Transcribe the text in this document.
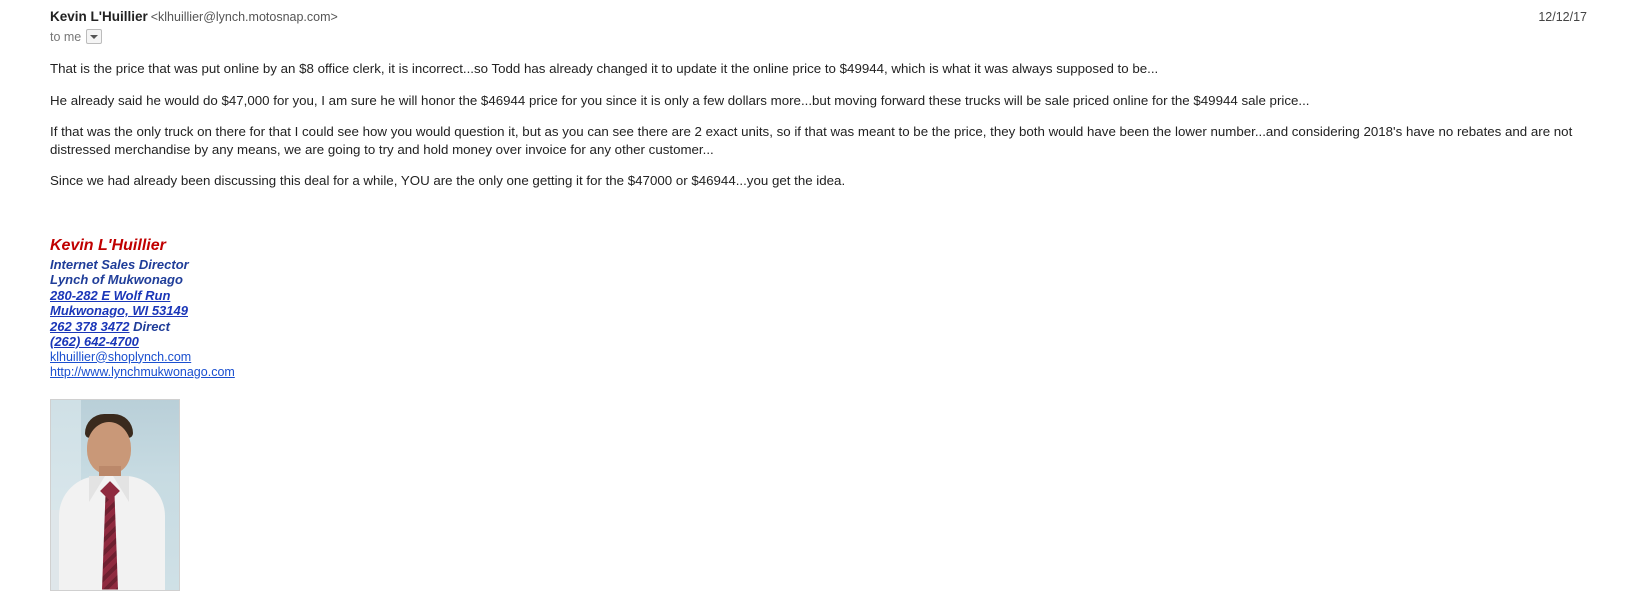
Kevin L'Huillier <klhuillier@lynch.motosnap.com>	12/12/17
to me

That is the price that was put online by an $8 office clerk, it is incorrect...so Todd has already changed it to update it the online price to $49944, which is what it was always supposed to be...

He already said he would do $47,000 for you, I am sure he will honor the $46944 price for you since it is only a few dollars more...but moving forward these trucks will be sale priced online for the $49944 sale price...

If that was the only truck on there for that I could see how you would question it, but as you can see there are 2 exact units, so if that was meant to be the price, they both would have been the lower number...and considering 2018's have no rebates and are not distressed merchandise by any means, we are going to try and hold money over invoice for any other customer...

Since we had already been discussing this deal for a while, YOU are the only one getting it for the $47000 or $46944...you get the idea.

Kevin L'Huillier
Internet Sales Director
Lynch of Mukwonago
280-282 E Wolf Run
Mukwonago, WI 53149
262 378 3472 Direct
(262) 642-4700
klhuillier@shoplynch.com
http://www.lynchmukwonago.com
